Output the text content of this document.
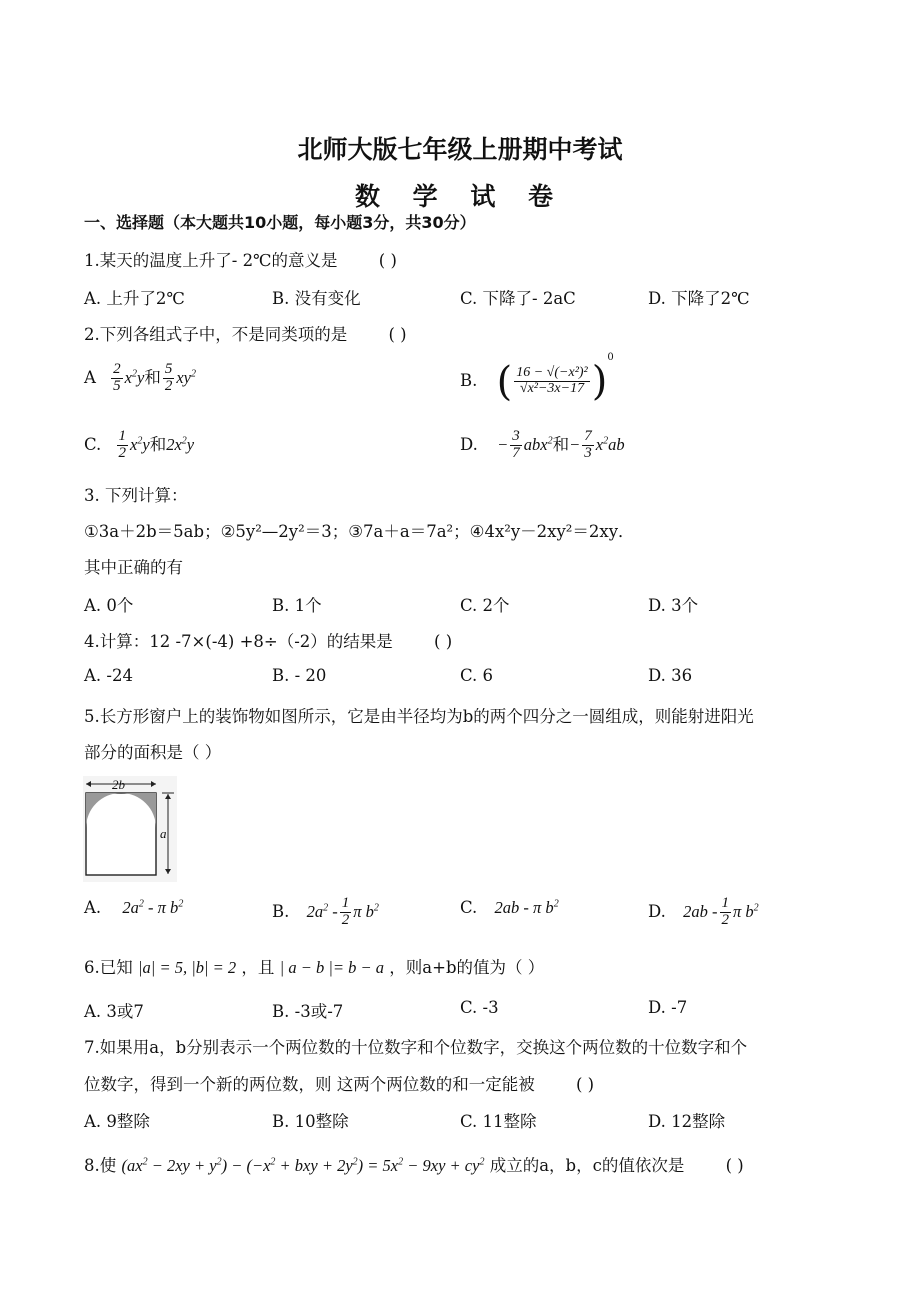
北师大版七年级上册期中考试
数 学 试 卷
一、选择题（本大题共10小题，每小题3分，共30分）
1.某天的温度上升了- 2℃的意义是	( )
A. 上升了2℃	B. 没有变化	C. 下降了- 2aC	D. 下降了2℃
2.下列各组式子中，不是同类项的是	( )
A $\frac{2}{5} x^2y$和 $\frac{5}{2} xy^2$	B. ( $\frac{\text{16 − √(−x²)²}}{\text{√x²−3x−17}} )^0$
C. $\frac{1}{2} x^2y$和$2x^2y$	D. − $\frac{3}{7} abx^2$和− $\frac{7}{3} x^2ab$
3. 下列计算：
①3a＋2b＝5ab；②5y²—2y²＝3；③7a＋a＝7a²；④4x²y－2xy²＝2xy．
其中正确的有
A. 0个	B. 1个	C. 2个	D. 3个
4.计算：12 -7×(-4) +8÷（-2）的结果是	( )
A. -24	B. - 20	C. 6	D. 36
5.长方形窗户上的装饰物如图所示，它是由半径均为b的两个四分之一圆组成，则能射进阳光
部分的面积是（ ）
2b
a
A. $2a^2$ - π $b^2$	B. $2a^2 - \frac{1}{2}$ π $b^2$	C. 2ab - π $b^2$	D. $2ab - \frac{1}{2}$ π $b^2$
6.已知 |a| = 5, |b| = 2 ，且 | a − b |= b − a ，则a+b的值为（ ）
A. 3或7	B. -3或-7	C. -3	D. -7
7.如果用a，b分别表示一个两位数的十位数字和个位数字，交换这个两位数的十位数字和个
位数字，得到一个新的两位数，则 这两个两位数的和一定能被	( )
A. 9整除	B. 10整除	C. 11整除	D. 12整除
8.使 $(ax^2 - 2xy + y^2) - (-x^2$ + bxy + $2y^2) = 5x^2 - 9xy + cy^2$ 成立的a，b，c的值依次是	( )
